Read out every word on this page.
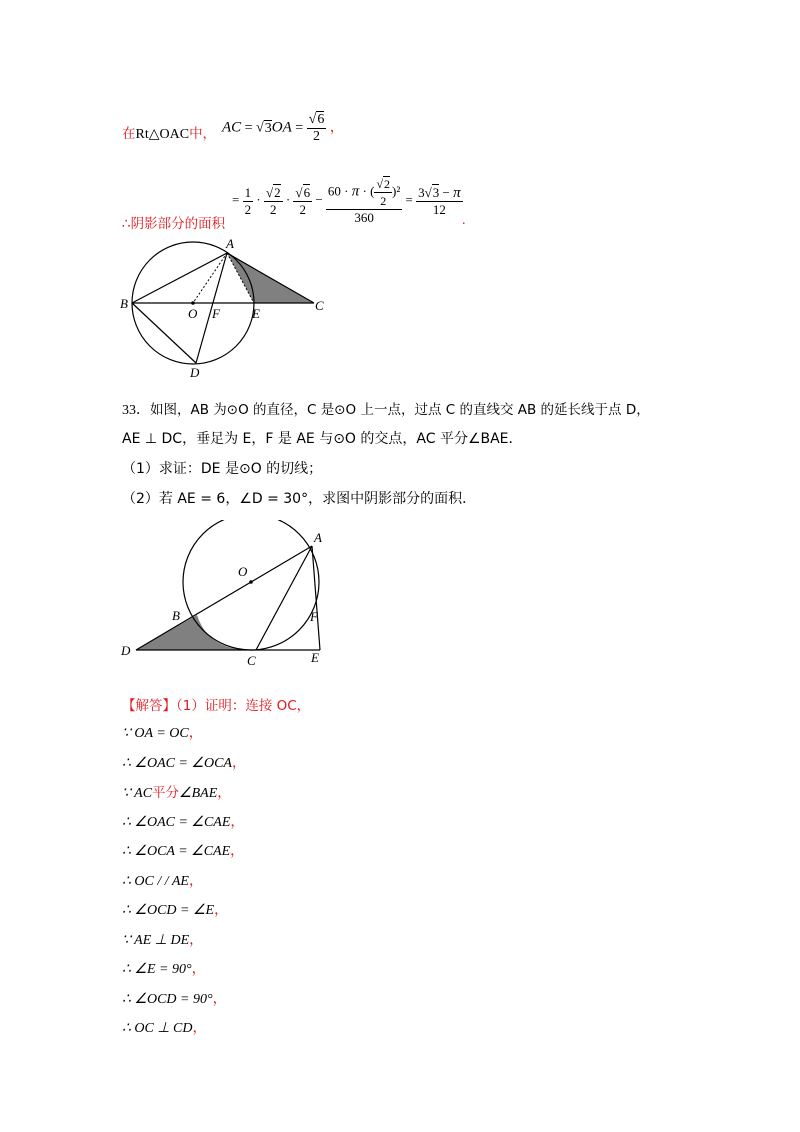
在Rt△OAC中， AC = $√3OA = \frac{√6}{2}$ ，
∴阴影部分的面积
= $\frac{1}{2} \cdot \frac{√2}{2} \cdot \frac{√6}{2} - \frac{60 \cdot \pi \cdot ( \frac{√2}{2} )^2}{360} = \frac{3√3 - \pi}{12}$
.
A
B
O F E
C
D
33．如图，AB 为⊙O 的直径，C 是⊙O 上一点，过点 C 的直线交 AB 的延长线于点 D，
AE ⊥ DC，垂足为 E，F 是 AE 与⊙O 的交点，AC 平分∠BAE．
（1）求证：DE 是⊙O 的切线；
（2）若 AE = 6，∠D = 30°，求图中阴影部分的面积．
A
O
B	F
D
C	E
【解答】（1）证明：连接 OC，
∵ OA = OC，
∴ ∠OAC = ∠OCA，
∵ AC平分∠BAE，
∴ ∠OAC = ∠CAE，
∴ ∠OCA = ∠CAE，
∴ OC / / AE，
∴ ∠OCD = ∠E，
∵ AE ⊥ DE，
∴ ∠E = 90°，
∴ ∠OCD = 90°，
∴ OC ⊥ CD，
